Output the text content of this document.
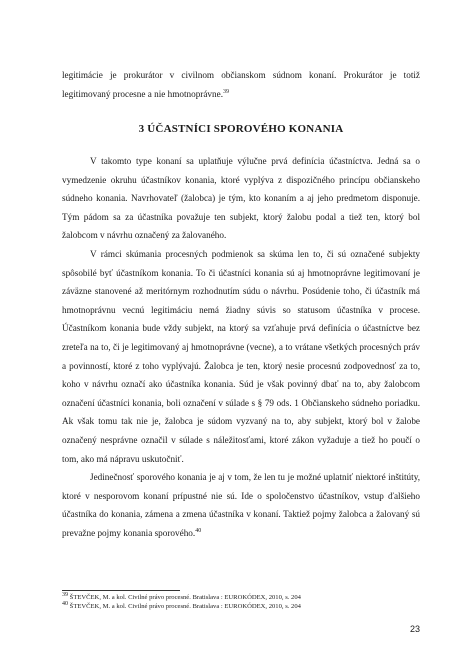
legitimácie je prokurátor v civilnom občianskom súdnom konaní. Prokurátor je totiž legitimovaný procesne a nie hmotnoprávne.$^{39}$

3 ÚČASTNÍCI SPOROVÉHO KONANIA

V takomto type konaní sa uplatňuje výlučne prvá definícia účastníctva. Jedná sa o vymedzenie okruhu účastníkov konania, ktoré vyplýva z dispozičného princípu občianskeho súdneho konania. Navrhovateľ (žalobca) je tým, kto konaním a aj jeho predmetom disponuje. Tým pádom sa za účastníka považuje ten subjekt, ktorý žalobu podal a tiež ten, ktorý bol žalobcom v návrhu označený za žalovaného.

V rámci skúmania procesných podmienok sa skúma len to, či sú označené subjekty spôsobilé byť účastníkom konania. To či účastníci konania sú aj hmotnoprávne legitimovaní je záväzne stanovené až meritórnym rozhodnutím súdu o návrhu. Posúdenie toho, či účastník má hmotnoprávnu vecnú legitimáciu nemá žiadny súvis so statusom účastníka v procese. Účastníkom konania bude vždy subjekt, na ktorý sa vzťahuje prvá definícia o účastníctve bez zreteľa na to, či je legitimovaný aj hmotnoprávne (vecne), a to vrátane všetkých procesných práv a povinností, ktoré z toho vyplývajú. Žalobca je ten, ktorý nesie procesnú zodpovednosť za to, koho v návrhu označí ako účastníka konania. Súd je však povinný dbať na to, aby žalobcom označení účastníci konania, boli označení v súlade s § 79 ods. 1 Občianskeho súdneho poriadku. Ak však tomu tak nie je, žalobca je súdom vyzvaný na to, aby subjekt, ktorý bol v žalobe označený nesprávne označil v súlade s náležitosťami, ktoré zákon vyžaduje a tiež ho poučí o tom, ako má nápravu uskutočniť.

Jedinečnosť sporového konania je aj v tom, že len tu je možné uplatniť niektoré inštitúty, ktoré v nesporovom konaní prípustné nie sú. Ide o spoločenstvo účastníkov, vstup ďalšieho účastníka do konania, zámena a zmena účastníka v konaní. Taktiež pojmy žalobca a žalovaný sú prevažne pojmy konania sporového.$^{40}$

$^{39}$ ŠTEVČEK, M. a kol. Civilné právo procesné. Bratislava : EUROKÓDEX, 2010, s. 204
$^{40}$ ŠTEVČEK, M. a kol. Civilné právo procesné. Bratislava : EUROKÓDEX, 2010, s. 204
23
